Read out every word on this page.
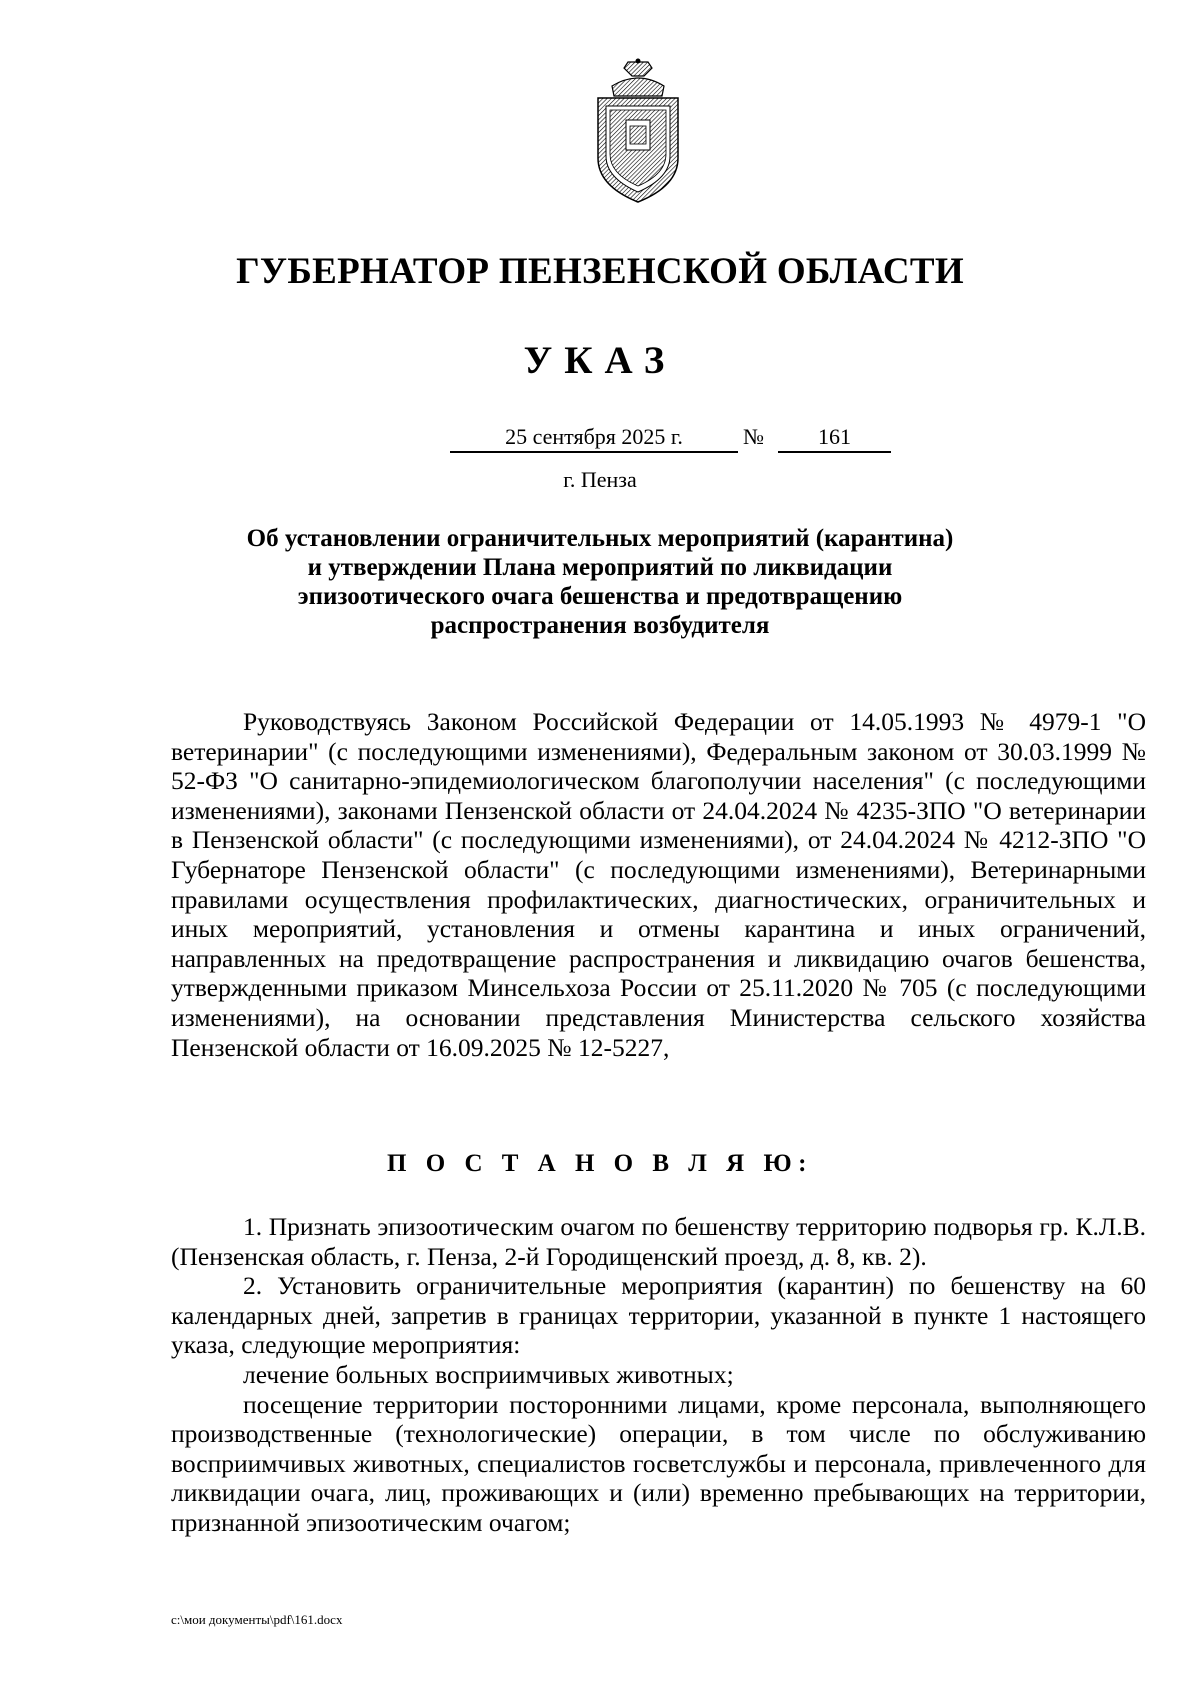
ГУБЕРНАТОР ПЕНЗЕНСКОЙ ОБЛАСТИ
УКАЗ
25 сентября 2025 г.	№	161
г. Пенза
Об установлении ограничительных мероприятий (карантина)
и утверждении Плана мероприятий по ликвидации
эпизоотического очага бешенства и предотвращению
распространения возбудителя

Руководствуясь Законом Российской Федерации от 14.05.1993 № 4979-1 "О ветеринарии" (с последующими изменениями), Федеральным законом от 30.03.1999 № 52-ФЗ "О санитарно-эпидемиологическом благополучии населения" (с последующими изменениями), законами Пензенской области от 24.04.2024 № 4235-ЗПО "О ветеринарии в Пензенской области" (с последующими изменениями), от 24.04.2024 № 4212-ЗПО "О Губернаторе Пензенской области" (с последующими изменениями), Ветеринарными правилами осуществления профилактических, диагностических, ограничительных и иных мероприятий, установления и отмены карантина и иных ограничений, направленных на предотвращение распространения и ликвидацию очагов бешенства, утвержденными приказом Минсельхоза России от 25.11.2020 № 705 (с последующими изменениями), на основании представления Министерства сельского хозяйства Пензенской области от 16.09.2025 № 12-5227,

П О С Т А Н О В Л Я Ю:

1. Признать эпизоотическим очагом по бешенству территорию подворья гр. К.Л.В. (Пензенская область, г. Пенза, 2-й Городищенский проезд, д. 8, кв. 2).

2. Установить ограничительные мероприятия (карантин) по бешенству на 60 календарных дней, запретив в границах территории, указанной в пункте 1 настоящего указа, следующие мероприятия:

лечение больных восприимчивых животных;

посещение территории посторонними лицами, кроме персонала, выполняющего производственные (технологические) операции, в том числе по обслуживанию восприимчивых животных, специалистов госветслужбы и персонала, привлеченного для ликвидации очага, лиц, проживающих и (или) временно пребывающих на территории, признанной эпизоотическим очагом;

c:\мои документы\pdf\161.docx
